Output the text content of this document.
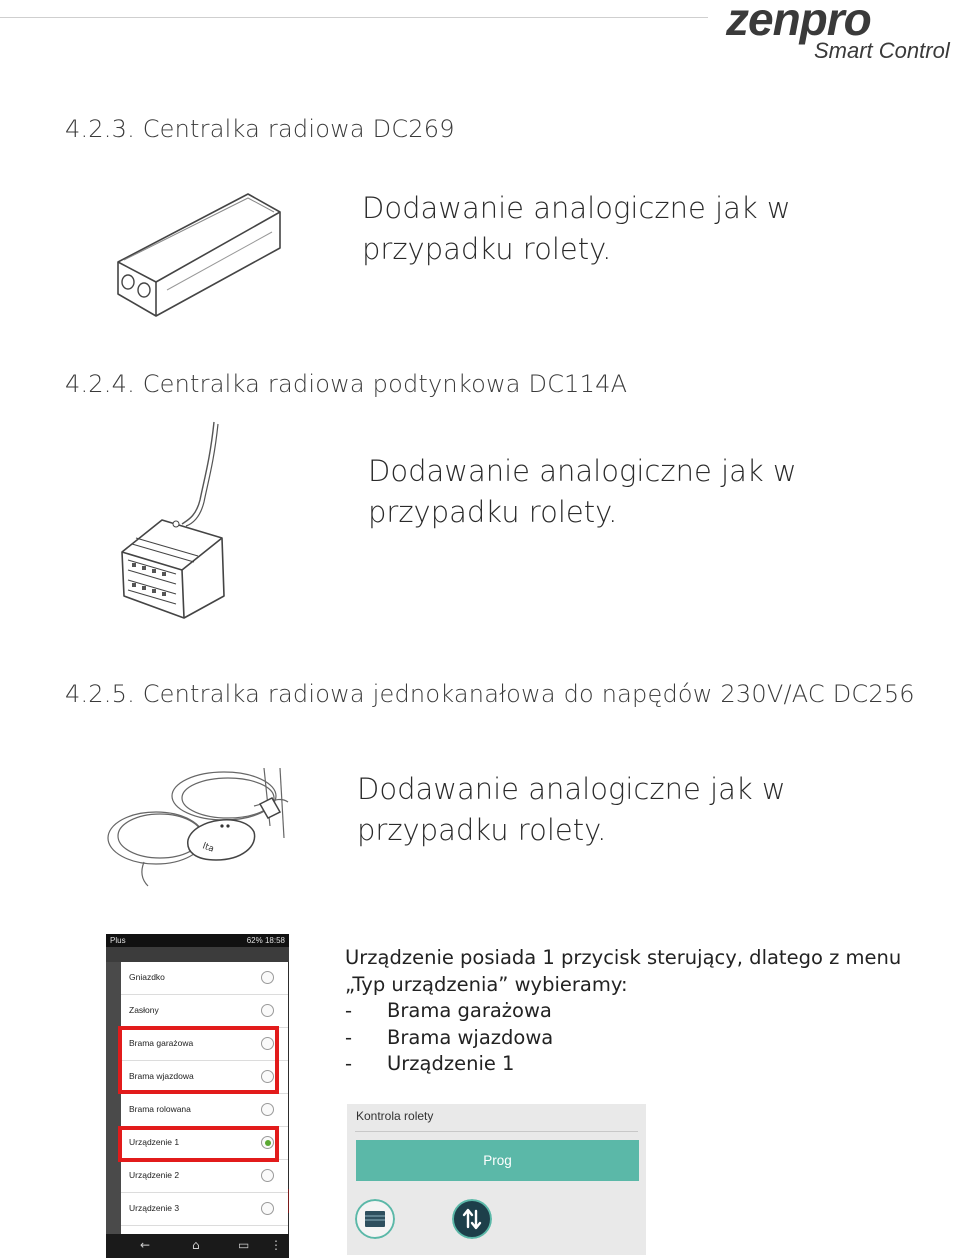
zenpro
Smart Control
4.2.3. Centralka radiowa DC269
Dodawanie analogiczne jak w
przypadku rolety.
4.2.4. Centralka radiowa podtynkowa DC114A
Dodawanie analogiczne jak w
przypadku rolety.
4.2.5. Centralka radiowa jednokanałowa do napędów 230V/AC DC256
lta
Dodawanie analogiczne jak w
przypadku rolety.
Plus	62% 18:58
Gniazdko
Zasłony
Brama garażowa
Brama wjazdowa
Brama rolowana
Urządzenie 1
Urządzenie 2
Urządzenie 3
←	⌂	▭ ⋮
Urządzenie posiada 1 przycisk sterujący, dlatego z menu
„Typ urządzenia” wybieramy:
- Brama garażowa
- Brama wjazdowa
- Urządzenie 1
Kontrola rolety
Prog
